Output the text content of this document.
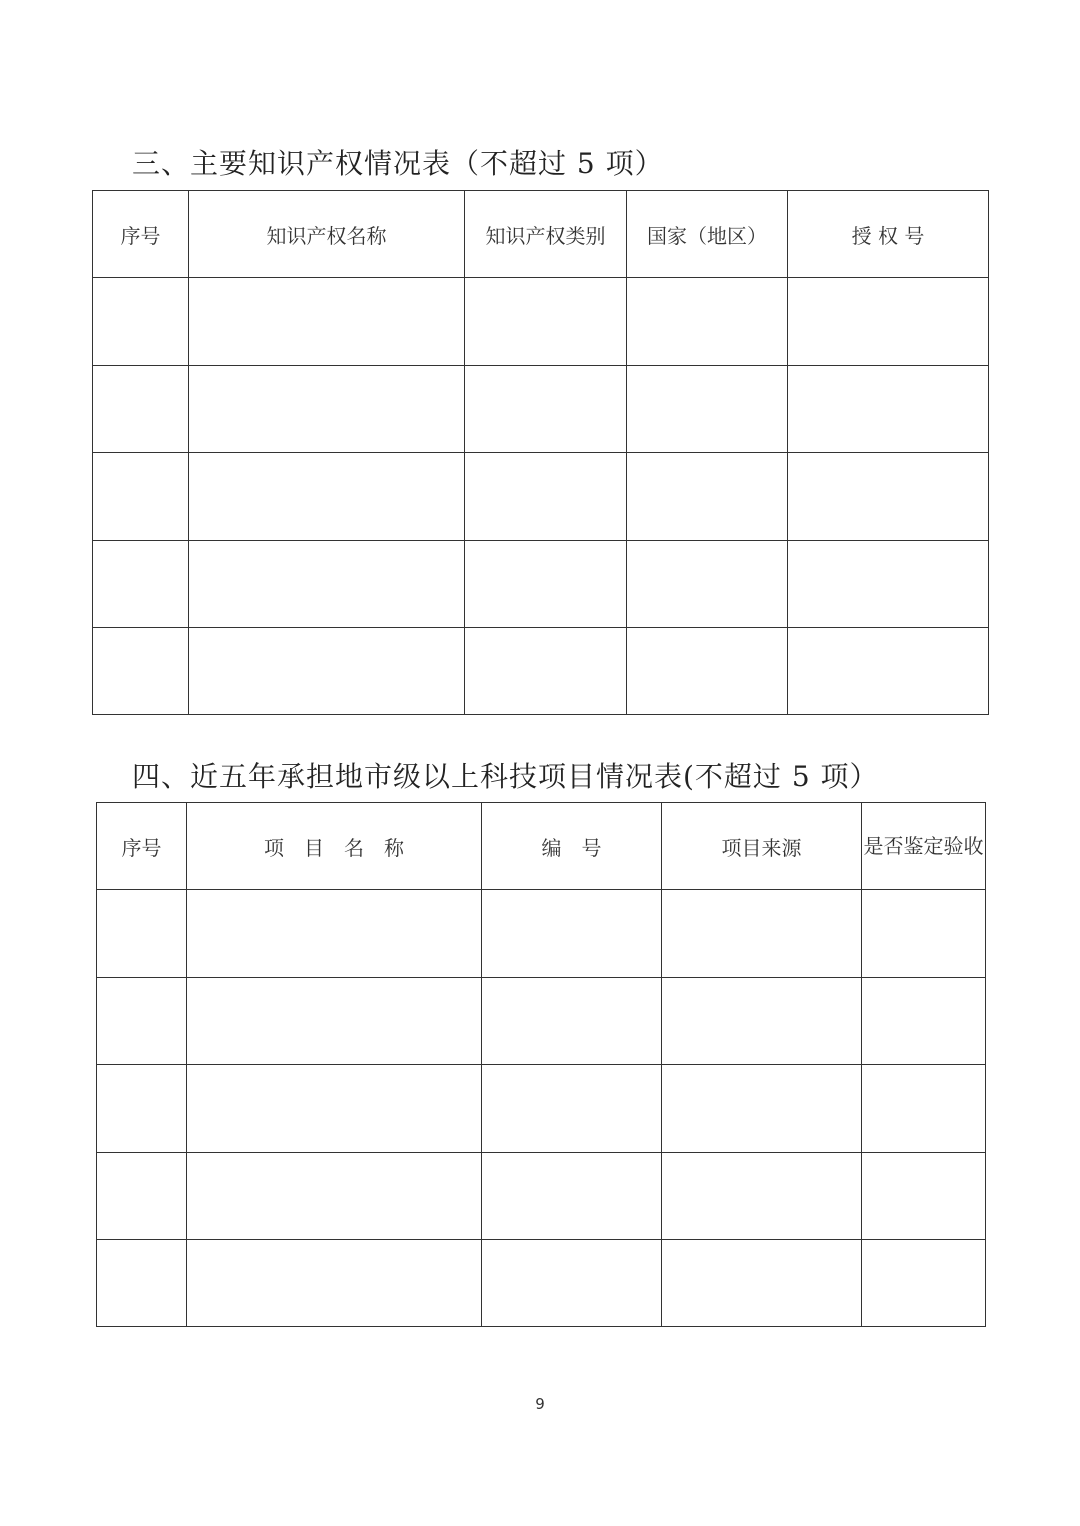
三、主要知识产权情况表（不超过 5 项）
序号	知识产权名称	知识产权类别	国家（地区）	授 权 号

四、近五年承担地市级以上科技项目情况表(不超过 5 项）
序号	项　目　名　称	编　号	项目来源	是否鉴定验收

9
